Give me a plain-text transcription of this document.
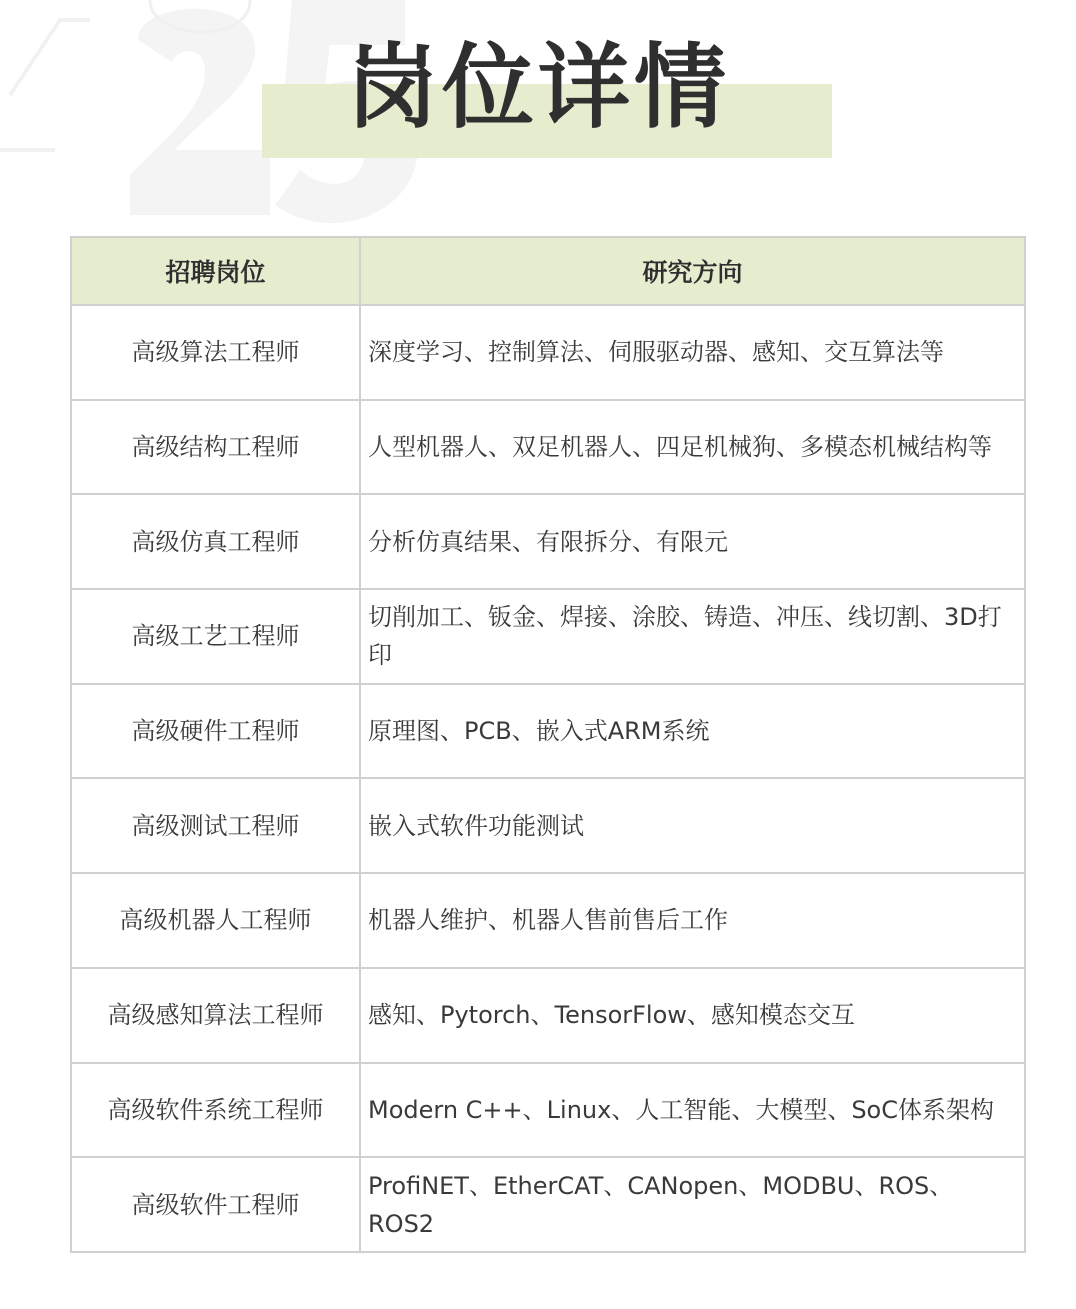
岗位详情
招聘岗位	研究方向
高级算法工程师	深度学习、控制算法、伺服驱动器、感知、交互算法等
高级结构工程师	人型机器人、双足机器人、四足机械狗、多模态机械结构等
高级仿真工程师	分析仿真结果、有限拆分、有限元
高级工艺工程师	切削加工、钣金、焊接、涂胶、铸造、冲压、线切割、3D打印
高级硬件工程师	原理图、PCB、嵌入式ARM系统
高级测试工程师	嵌入式软件功能测试
高级机器人工程师	机器人维护、机器人售前售后工作
高级感知算法工程师	感知、Pytorch、TensorFlow、感知模态交互
高级软件系统工程师	Modern C++、Linux、人工智能、大模型、SoC体系架构
高级软件工程师	ProfiNET、EtherCAT、CANopen、MODBU、ROS、ROS2
